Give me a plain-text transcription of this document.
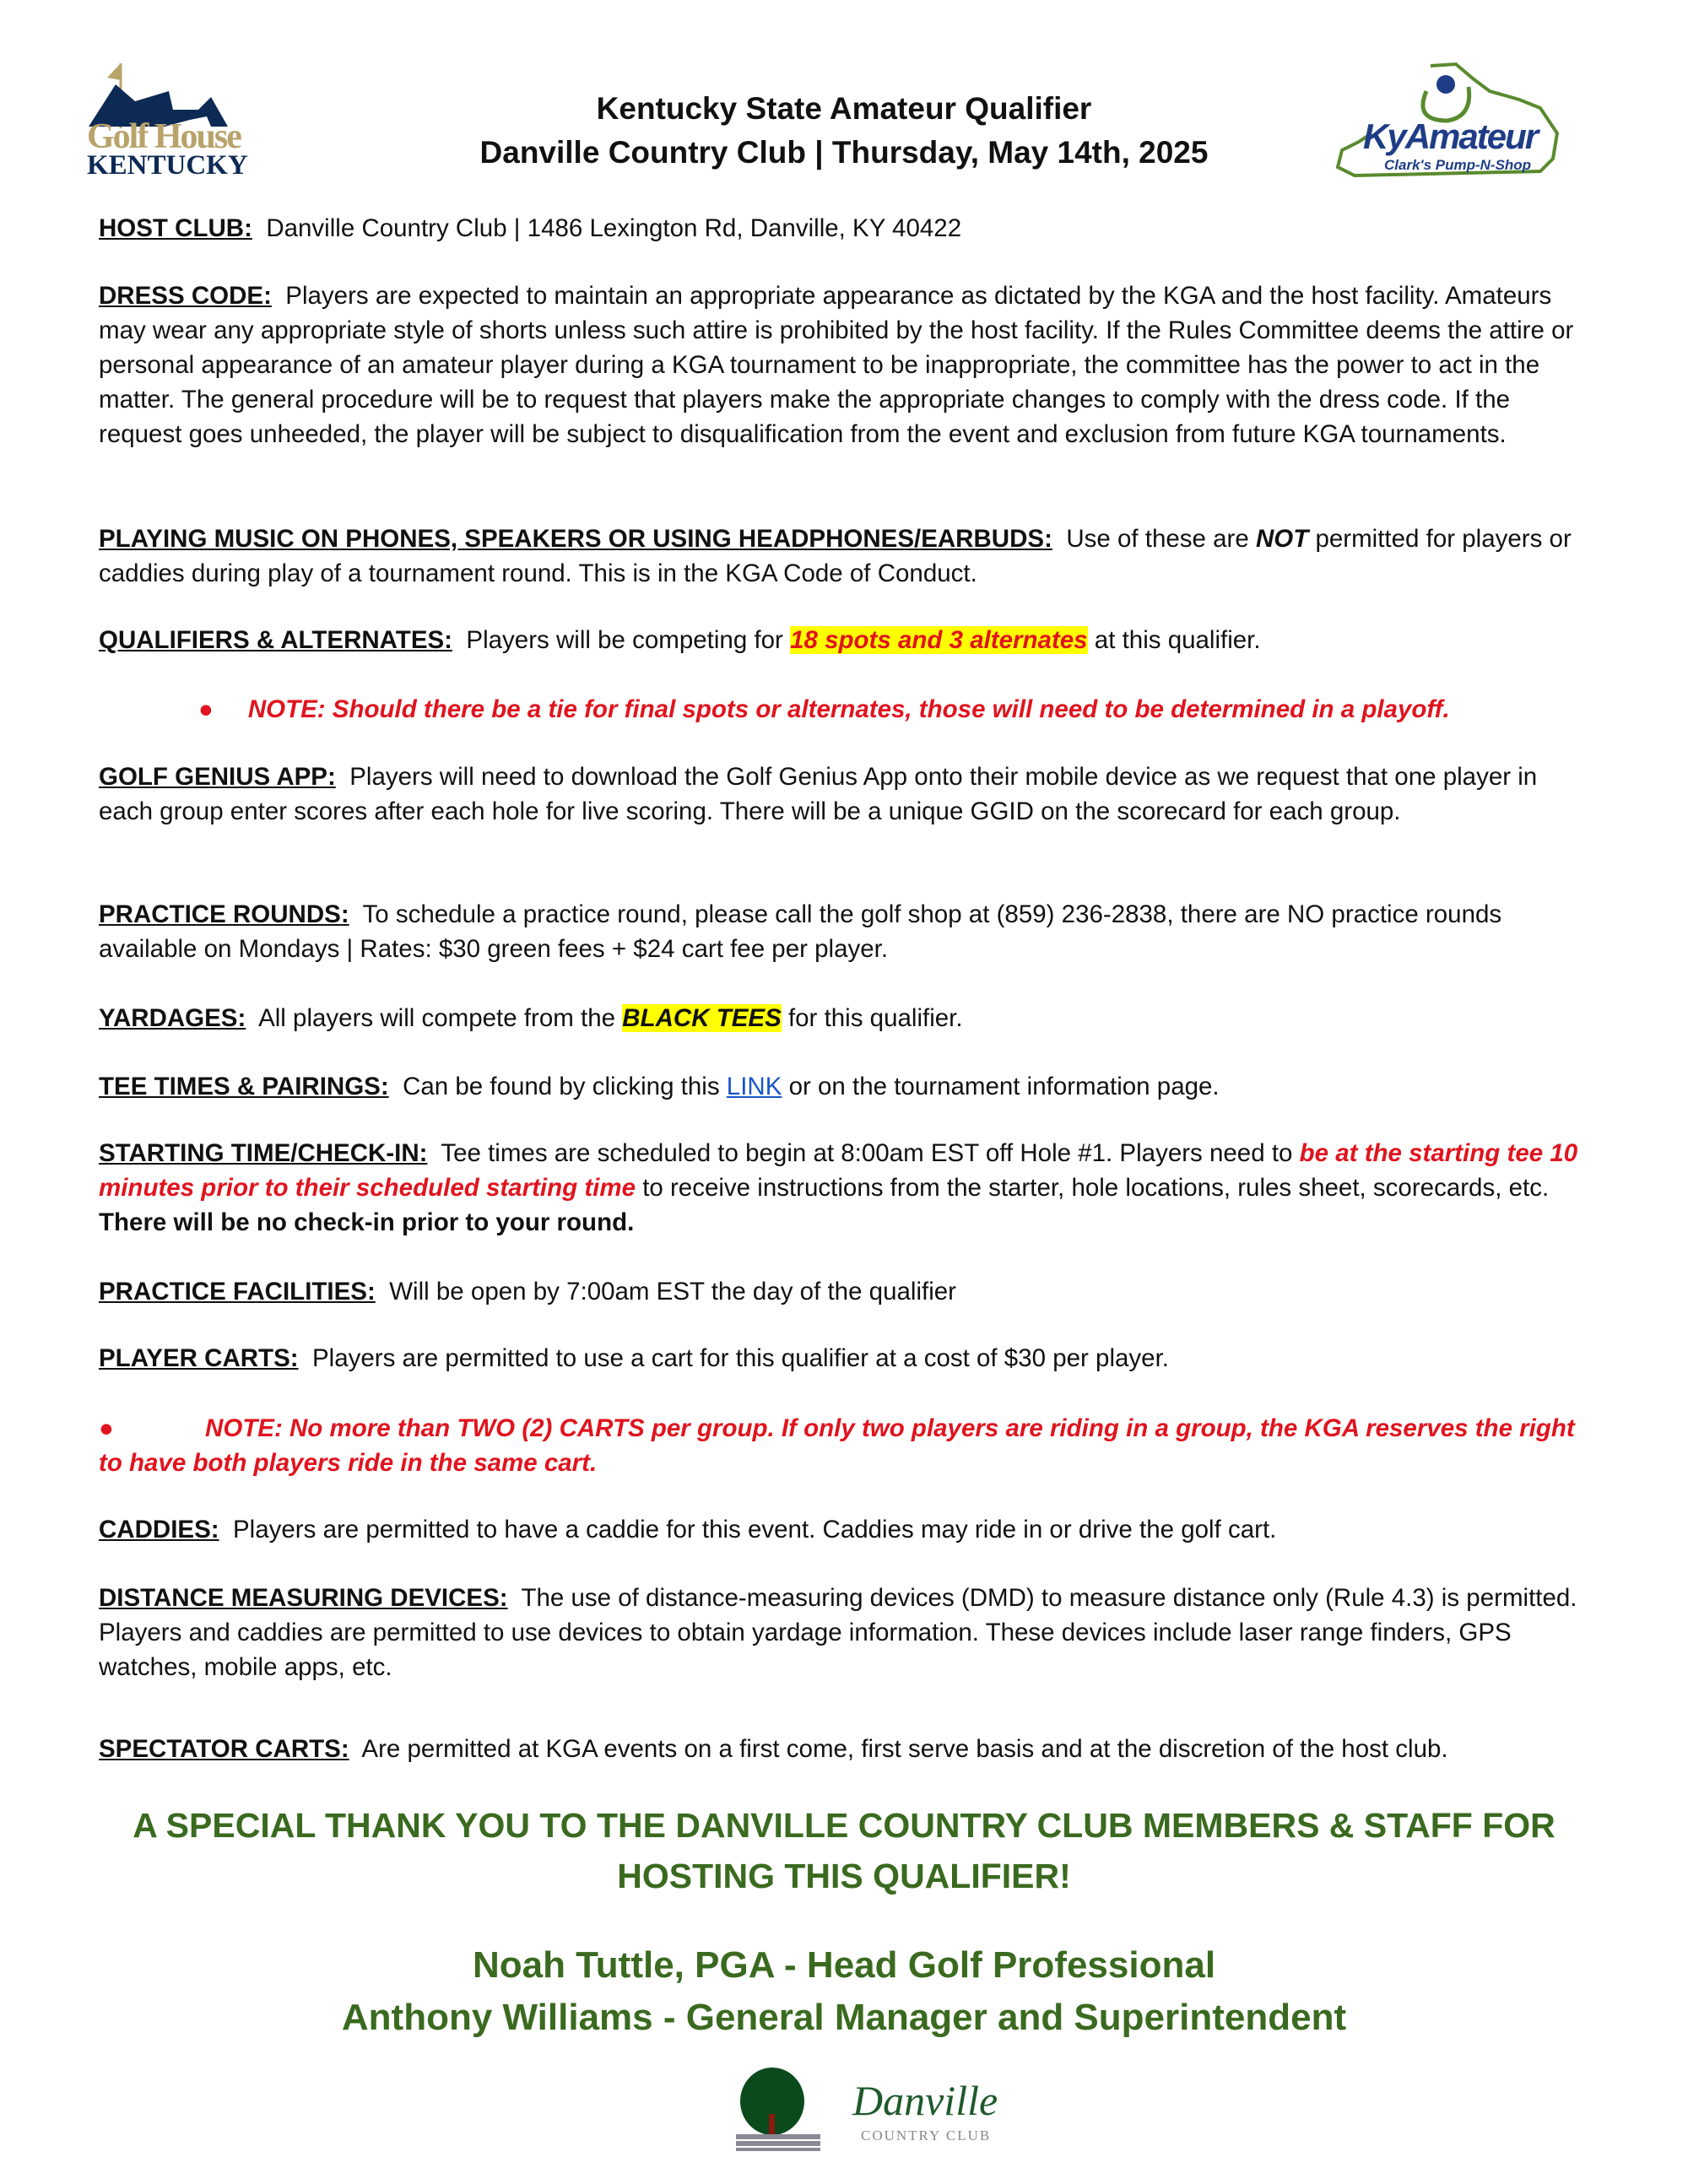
Golf House
KENTUCKY
Kentucky State Amateur Qualifier
Danville Country Club | Thursday, May 14th, 2025	KyAmateur
Clark's Pump-N-Shop
HOST CLUB: Danville Country Club | 1486 Lexington Rd, Danville, KY 40422
DRESS CODE: Players are expected to maintain an appropriate appearance as dictated by the KGA and the host facility. Amateurs may wear any appropriate style of shorts unless such attire is prohibited by the host facility. If the Rules Committee deems the attire or personal appearance of an amateur player during a KGA tournament to be inappropriate, the committee has the power to act in the matter. The general procedure will be to request that players make the appropriate changes to comply with the dress code. If the request goes unheeded, the player will be subject to disqualification from the event and exclusion from future KGA tournaments.
PLAYING MUSIC ON PHONES, SPEAKERS OR USING HEADPHONES/EARBUDS: Use of these are NOT permitted for players or caddies during play of a tournament round. This is in the KGA Code of Conduct.
QUALIFIERS & ALTERNATES: Players will be competing for 18 spots and 3 alternates at this qualifier.
● NOTE: Should there be a tie for final spots or alternates, those will need to be determined in a playoff.
GOLF GENIUS APP: Players will need to download the Golf Genius App onto their mobile device as we request that one player in each group enter scores after each hole for live scoring. There will be a unique GGID on the scorecard for each group.
PRACTICE ROUNDS: To schedule a practice round, please call the golf shop at (859) 236-2838, there are NO practice rounds available on Mondays | Rates: $30 green fees + $24 cart fee per player.
YARDAGES: All players will compete from the BLACK TEES for this qualifier.
TEE TIMES & PAIRINGS: Can be found by clicking this LINK or on the tournament information page.
STARTING TIME/CHECK-IN: Tee times are scheduled to begin at 8:00am EST off Hole #1. Players need to be at the starting tee 10 minutes prior to their scheduled starting time to receive instructions from the starter, hole locations, rules sheet, scorecards, etc.  There will be no check-in prior to your round.
PRACTICE FACILITIES: Will be open by 7:00am EST the day of the qualifier
PLAYER CARTS: Players are permitted to use a cart for this qualifier at a cost of $30 per player.
●	NOTE: No more than TWO (2) CARTS per group. If only two players are riding in a group, the KGA reserves the right to have both players ride in the same cart.
CADDIES: Players are permitted to have a caddie for this event. Caddies may ride in or drive the golf cart.
DISTANCE MEASURING DEVICES: The use of distance-measuring devices (DMD) to measure distance only (Rule 4.3) is permitted. Players and caddies are permitted to use devices to obtain yardage information. These devices include laser range finders, GPS watches, mobile apps, etc.
SPECTATOR CARTS: Are permitted at KGA events on a first come, first serve basis and at the discretion of the host club.
A SPECIAL THANK YOU TO THE DANVILLE COUNTRY CLUB MEMBERS & STAFF FOR
HOSTING THIS QUALIFIER!
Noah Tuttle, PGA - Head Golf Professional
Anthony Williams - General Manager and Superintendent
Danville
COUNTRY CLUB
